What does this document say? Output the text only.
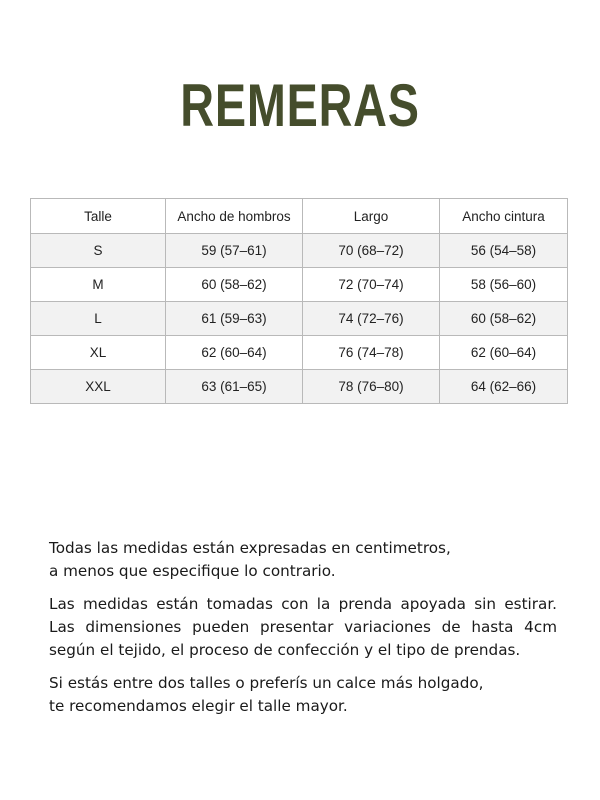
REMERAS
Talle	Ancho de hombros	Largo	Ancho cintura
S	59 (57–61)	70 (68–72)	56 (54–58)
M	60 (58–62)	72 (70–74)	58 (56–60)
L	61 (59–63)	74 (72–76)	60 (58–62)
XL	62 (60–64)	76 (74–78)	62 (60–64)
XXL	63 (61–65)	78 (76–80)	64 (62–66)

Todas las medidas están expresadas en centimetros,
a menos que especifique lo contrario.

Las medidas están tomadas con la prenda apoyada sin estirar.
Las dimensiones pueden presentar variaciones de hasta 4cm
según el tejido, el proceso de confección y el tipo de prendas.

Si estás entre dos talles o preferís un calce más holgado,
te recomendamos elegir el talle mayor.
